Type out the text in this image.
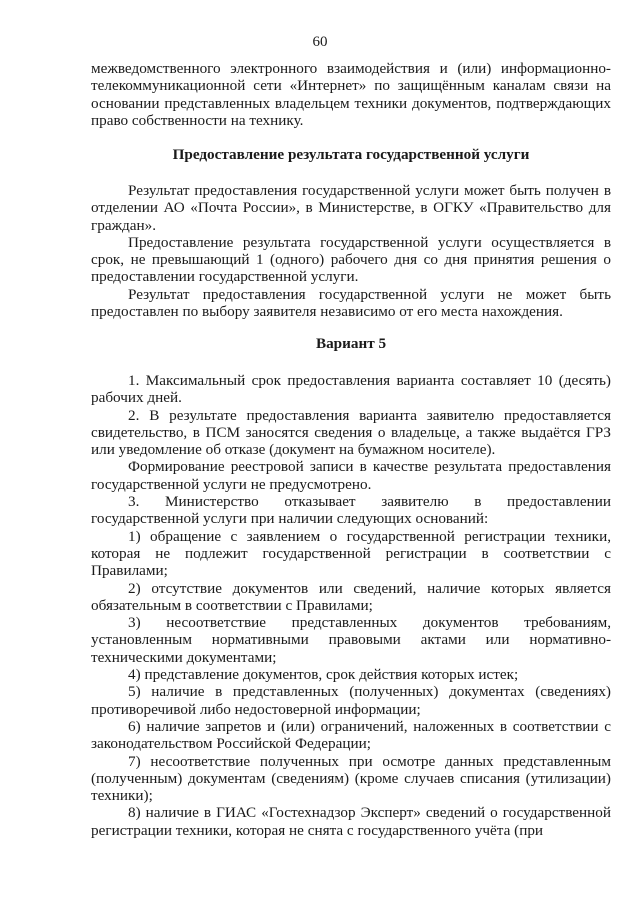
60

межведомственного электронного взаимодействия и (или) информационно-телекоммуникационной сети «Интернет» по защищённым каналам связи на основании представленных владельцем техники документов, подтверждающих право собственности на технику.

Предоставление результата государственной услуги

Результат предоставления государственной услуги может быть получен в отделении АО «Почта России», в Министерстве, в ОГКУ «Правительство для граждан».

Предоставление результата государственной услуги осуществляется в срок, не превышающий 1 (одного) рабочего дня со дня принятия решения о предоставлении государственной услуги.

Результат предоставления государственной услуги не может быть предоставлен по выбору заявителя независимо от его места нахождения.

Вариант 5

1. Максимальный срок предоставления варианта составляет 10 (десять) рабочих дней.

2. В результате предоставления варианта заявителю предоставляется свидетельство, в ПСМ заносятся сведения о владельце, а также выдаётся ГРЗ или уведомление об отказе (документ на бумажном носителе).

Формирование реестровой записи в качестве результата предоставления государственной услуги не предусмотрено.

3. Министерство отказывает заявителю в предоставлении государственной услуги при наличии следующих оснований:

1) обращение с заявлением о государственной регистрации техники, которая не подлежит государственной регистрации в соответствии с Правилами;

2) отсутствие документов или сведений, наличие которых является обязательным в соответствии с Правилами;

3) несоответствие представленных документов требованиям, установленным нормативными правовыми актами или нормативно-техническими документами;

4) представление документов, срок действия которых истек;

5) наличие в представленных (полученных) документах (сведениях) противоречивой либо недостоверной информации;

6) наличие запретов и (или) ограничений, наложенных в соответствии с законодательством Российской Федерации;

7) несоответствие полученных при осмотре данных представленным (полученным) документам (сведениям) (кроме случаев списания (утилизации) техники);

8) наличие в ГИАС «Гостехнадзор Эксперт» сведений о государственной регистрации техники, которая не снята с государственного учёта (при
